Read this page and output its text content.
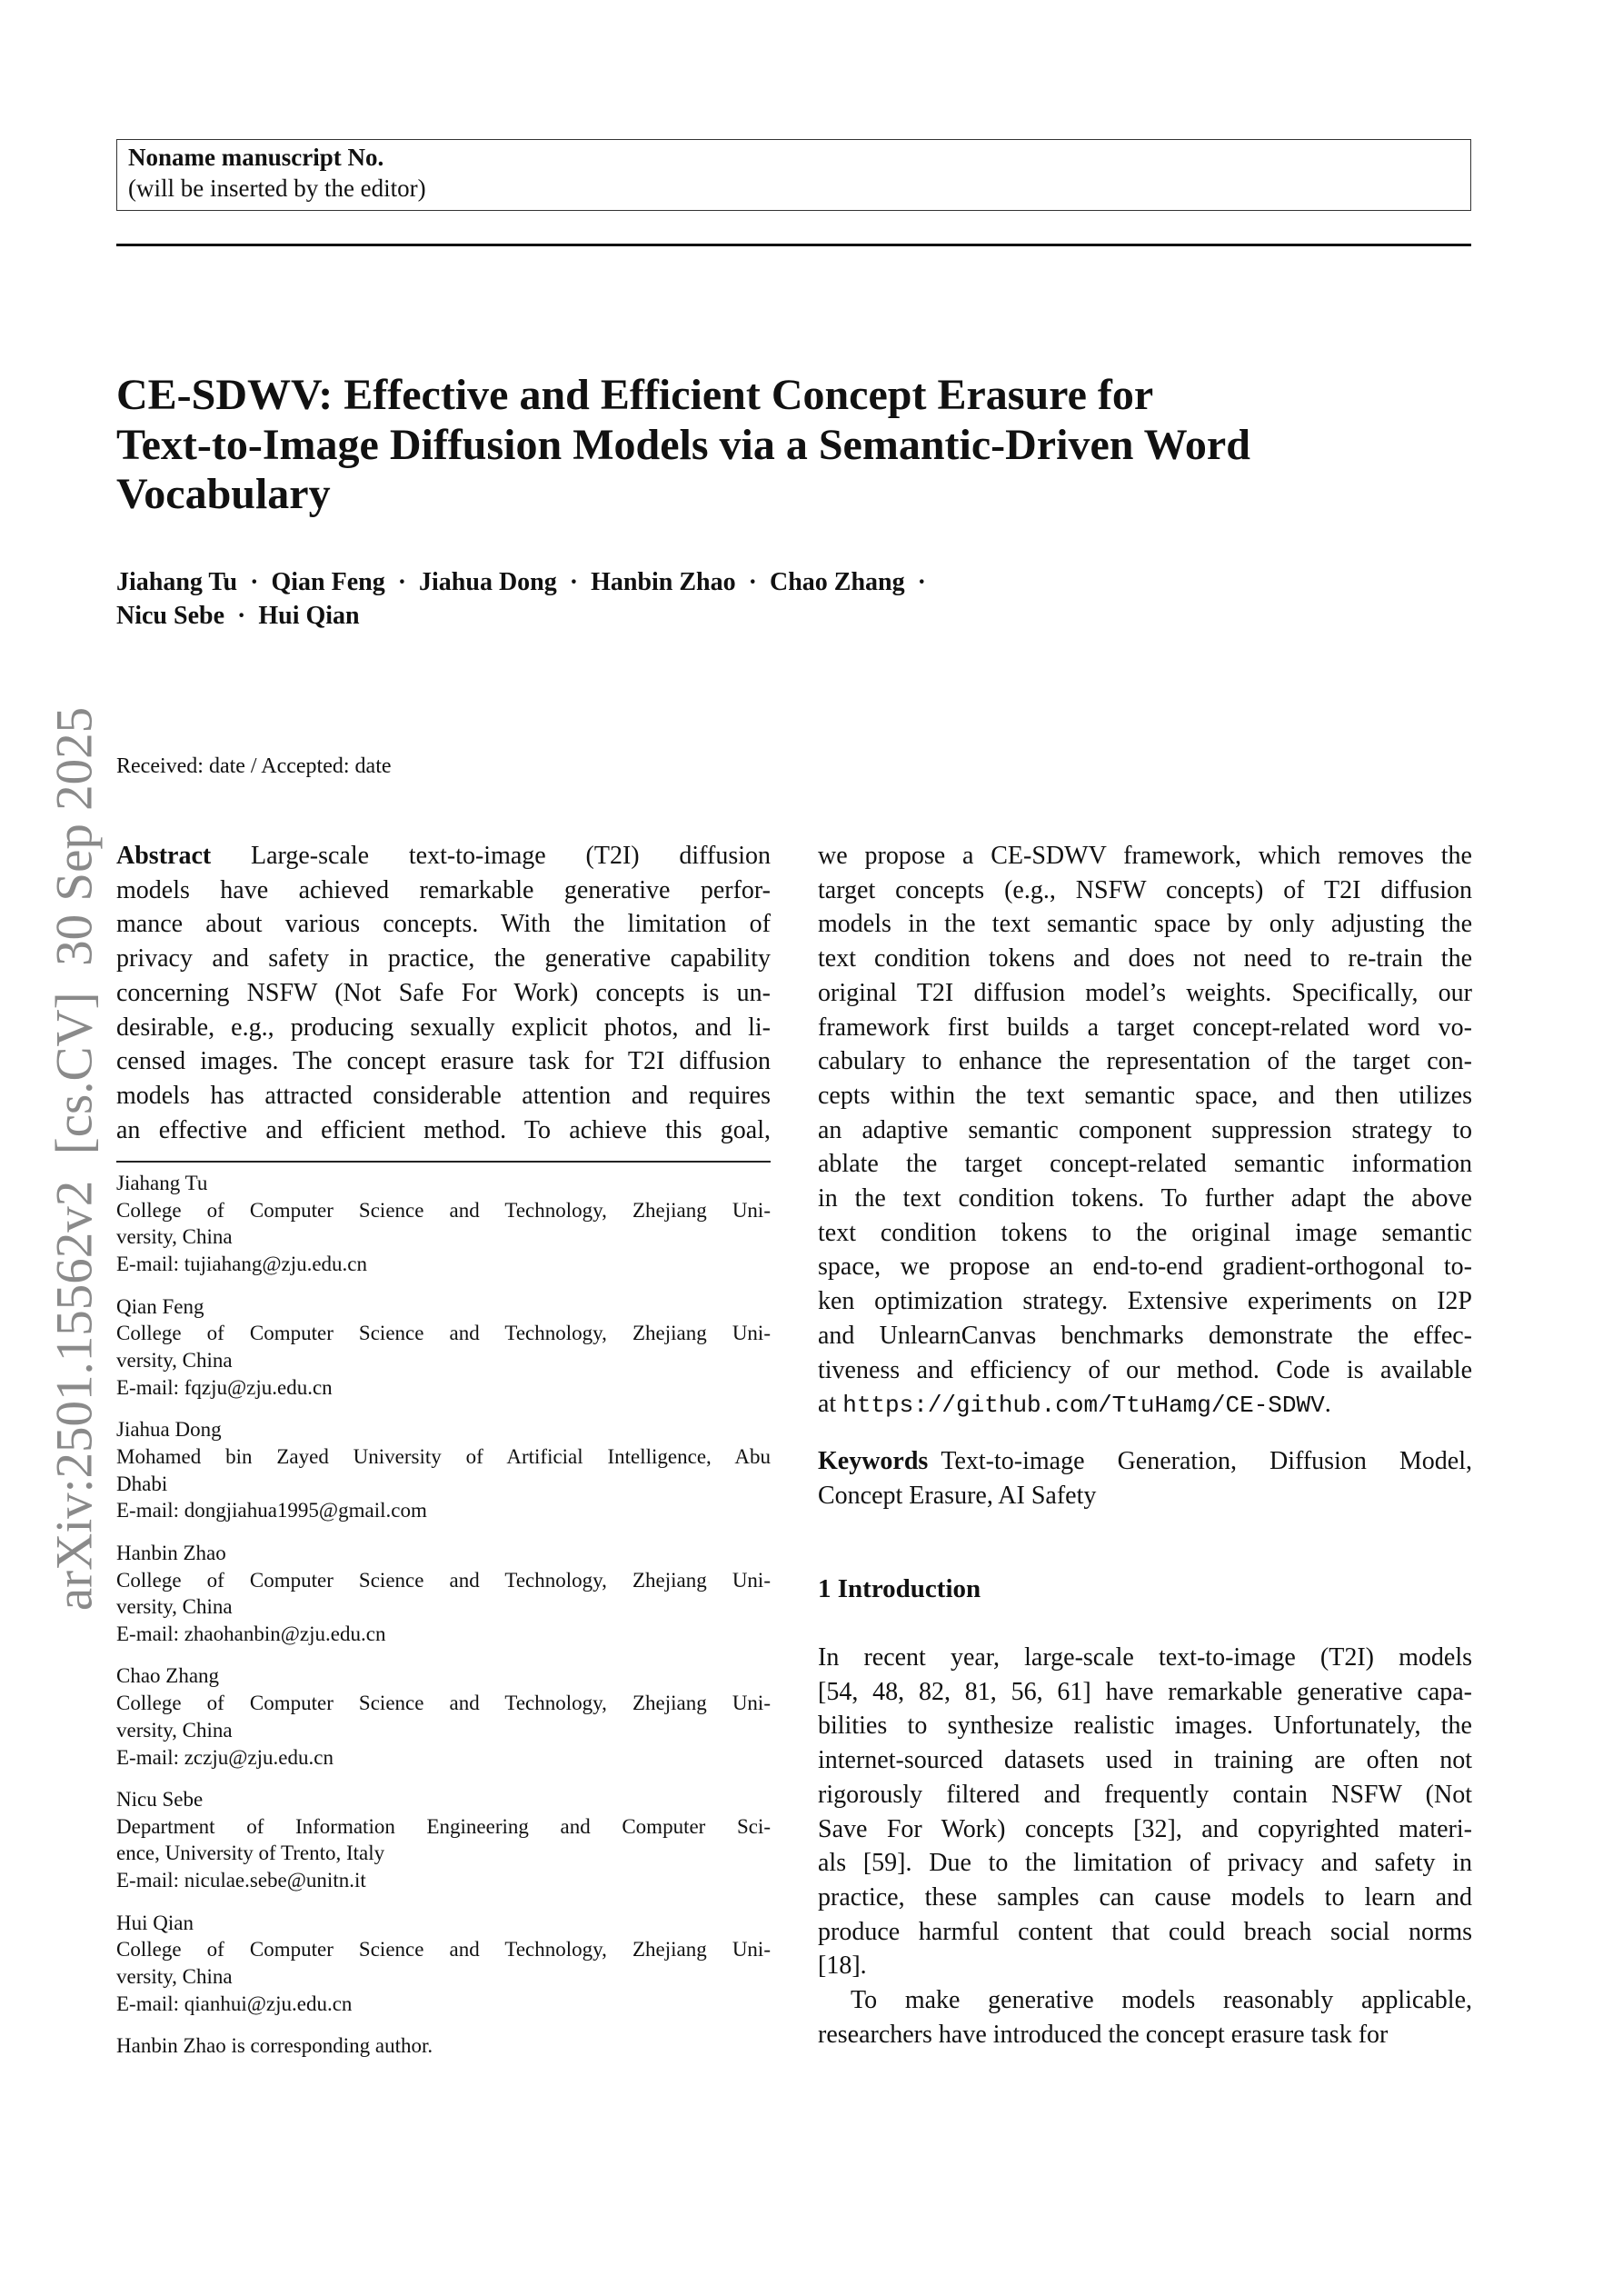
Noname manuscript No.
(will be inserted by the editor)
arXiv:2501.15562v2  [cs.CV]  30 Sep 2025
CE-SDWV: Effective and Efficient Concept Erasure for
Text-to-Image Diffusion Models via a Semantic-Driven Word
Vocabulary
Jiahang Tu · Qian Feng · Jiahua Dong · Hanbin Zhao · Chao Zhang ·
Nicu Sebe · Hui Qian
Received: date / Accepted: date
Abstract Large-scale text-to-image (T2I) diffusion
models have achieved remarkable generative perfor-
mance about various concepts. With the limitation of
privacy and safety in practice, the generative capability
concerning NSFW (Not Safe For Work) concepts is un-
desirable, e.g., producing sexually explicit photos, and li-
censed images. The concept erasure task for T2I diffusion
models has attracted considerable attention and requires
an effective and efficient method. To achieve this goal,
we propose a CE-SDWV framework, which removes the
target concepts (e.g., NSFW concepts) of T2I diffusion
models in the text semantic space by only adjusting the
text condition tokens and does not need to re-train the
original T2I diffusion model’s weights. Specifically, our
framework first builds a target concept-related word vo-
cabulary to enhance the representation of the target con-
cepts within the text semantic space, and then utilizes
an adaptive semantic component suppression strategy to
ablate the target concept-related semantic information
in the text condition tokens. To further adapt the above
text condition tokens to the original image semantic
space, we propose an end-to-end gradient-orthogonal to-
ken optimization strategy. Extensive experiments on I2P
and UnlearnCanvas benchmarks demonstrate the effec-
tiveness and efficiency of our method. Code is available
at https://github.com/TtuHamg/CE-SDWV.
Keywords  Text-to-image Generation, Diffusion Model,
Concept Erasure, AI Safety
Jiahang Tu
College of Computer Science and Technology, Zhejiang Uni-
versity, China
E-mail: tujiahang@zju.edu.cn
Qian Feng
College of Computer Science and Technology, Zhejiang Uni-
versity, China
E-mail: fqzju@zju.edu.cn
Jiahua Dong
Mohamed bin Zayed University of Artificial Intelligence, Abu
Dhabi
E-mail: dongjiahua1995@gmail.com
Hanbin Zhao
College of Computer Science and Technology, Zhejiang Uni-
versity, China
E-mail: zhaohanbin@zju.edu.cn
Chao Zhang
College of Computer Science and Technology, Zhejiang Uni-
versity, China
E-mail: zczju@zju.edu.cn
Nicu Sebe
Department of Information Engineering and Computer Sci-
ence, University of Trento, Italy
E-mail: niculae.sebe@unitn.it
Hui Qian
College of Computer Science and Technology, Zhejiang Uni-
versity, China
E-mail: qianhui@zju.edu.cn
Hanbin Zhao is corresponding author.
In recent year, large-scale text-to-image (T2I) models
[54, 48, 82, 81, 56, 61] have remarkable generative capa-
bilities to synthesize realistic images. Unfortunately, the
internet-sourced datasets used in training are often not
rigorously filtered and frequently contain NSFW (Not
Save For Work) concepts [32], and copyrighted materi-
als [59]. Due to the limitation of privacy and safety in
practice, these samples can cause models to learn and
produce harmful content that could breach social norms
[18].
To make generative models reasonably applicable,
researchers have introduced the concept erasure task for
1 Introduction
